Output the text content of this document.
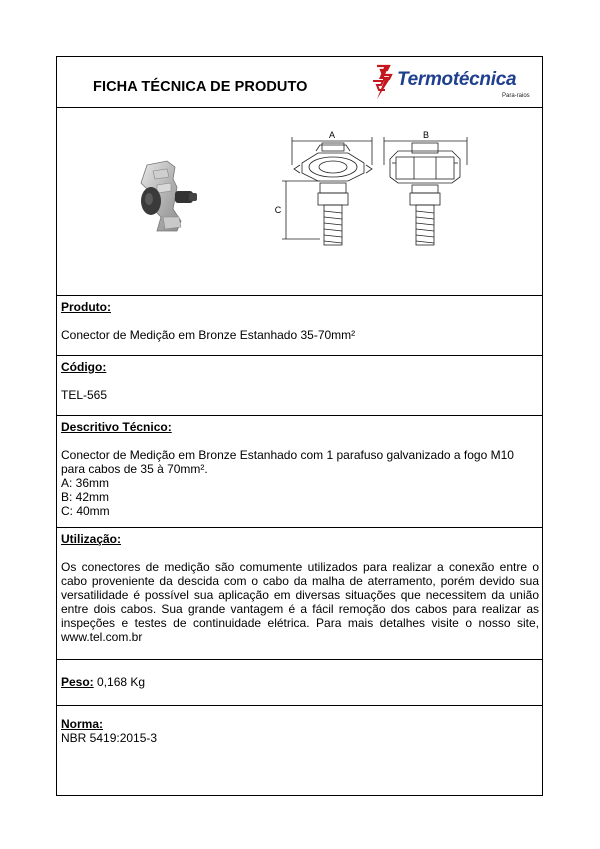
FICHA TÉCNICA DE PRODUTO	Termotécnica
Para-raios
A	B
C
Produto:
Conector de Medição em Bronze Estanhado 35-70mm²
Código:
TEL-565
Descritivo Técnico:
Conector de Medição em Bronze Estanhado com 1 parafuso galvanizado a fogo M10
para cabos de 35 à 70mm².
A: 36mm
B: 42mm
C: 40mm
Utilização:
Os conectores de medição são comumente utilizados para realizar a conexão entre o
cabo proveniente da descida com o cabo da malha de aterramento, porém devido sua
versatilidade é possível sua aplicação em diversas situações que necessitem da união
entre dois cabos. Sua grande vantagem é a fácil remoção dos cabos para realizar as
inspeções e testes de continuidade elétrica. Para mais detalhes visite o nosso site,
www.tel.com.br
Peso: 0,168 Kg
Norma:
NBR 5419:2015-3
